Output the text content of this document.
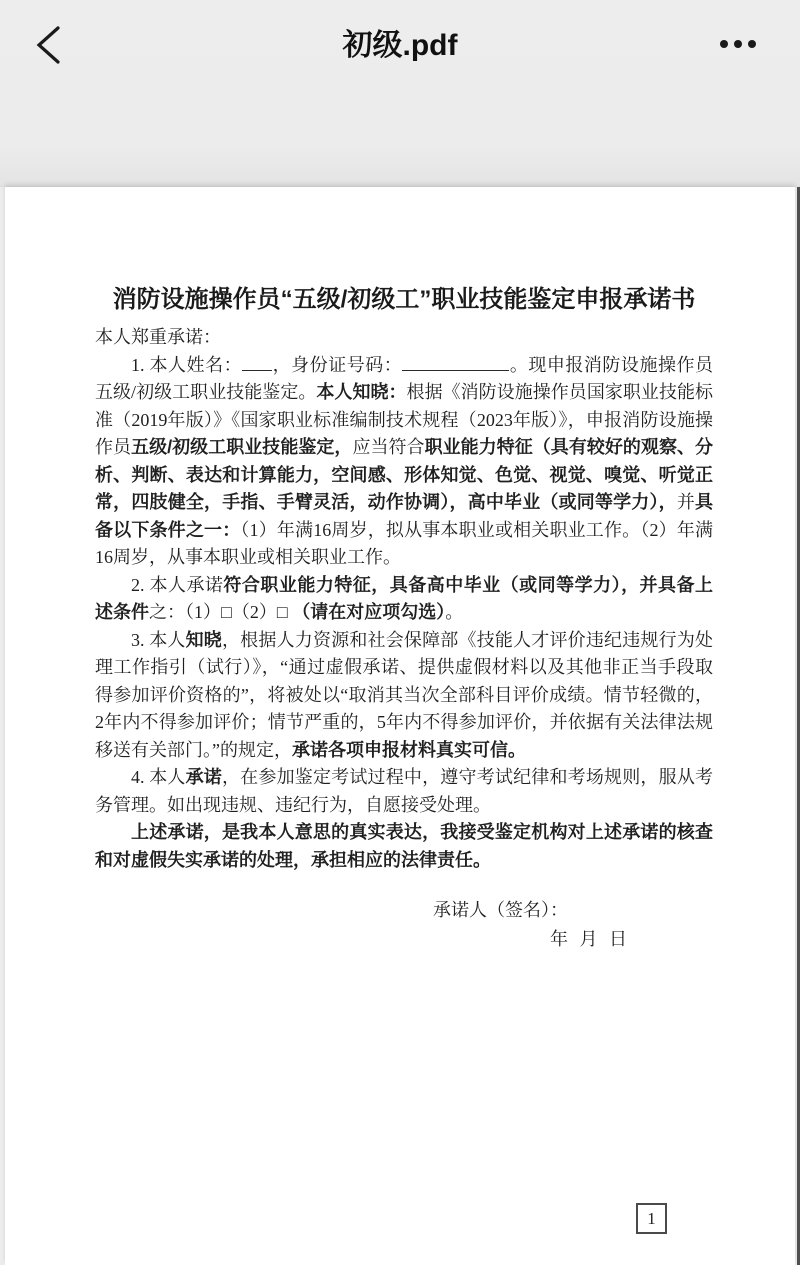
初级.pdf
消防设施操作员“五级/初级工”职业技能鉴定申报承诺书
本人郑重承诺：

1. 本人姓名： ，身份证号码：	。现申报消防设施操作员五级/初级工职业技能鉴定。本人知晓：根据《消防设施操作员国家职业技能标准（2019年版）》《国家职业标准编制技术规程（2023年版）》，申报消防设施操作员五级/初级工职业技能鉴定，应当符合职业能力特征（具有较好的观察、分析、判断、表达和计算能力，空间感、形体知觉、色觉、视觉、嗅觉、听觉正常，四肢健全，手指、手臂灵活，动作协调），高中毕业（或同等学力），并具备以下条件之一：（1）年满16周岁，拟从事本职业或相关职业工作。（2）年满16周岁，从事本职业或相关职业工作。

2. 本人承诺符合职业能力特征，具备高中毕业（或同等学力），并具备上述条件之：（1）□（2）□ （请在对应项勾选）。

3. 本人知晓，根据人力资源和社会保障部《技能人才评价违纪违规行为处理工作指引（试行）》，“通过虚假承诺、提供虚假材料以及其他非正当手段取得参加评价资格的”，将被处以“取消其当次全部科目评价成绩。情节轻微的，2年内不得参加评价；情节严重的，5年内不得参加评价，并依据有关法律法规移送有关部门。”的规定，承诺各项申报材料真实可信。

4. 本人承诺，在参加鉴定考试过程中，遵守考试纪律和考场规则，服从考务管理。如出现违规、违纪行为，自愿接受处理。

上述承诺，是我本人意思的真实表达，我接受鉴定机构对上述承诺的核查和对虚假失实承诺的处理，承担相应的法律责任。

承诺人（签名）：
年 月 日
1
